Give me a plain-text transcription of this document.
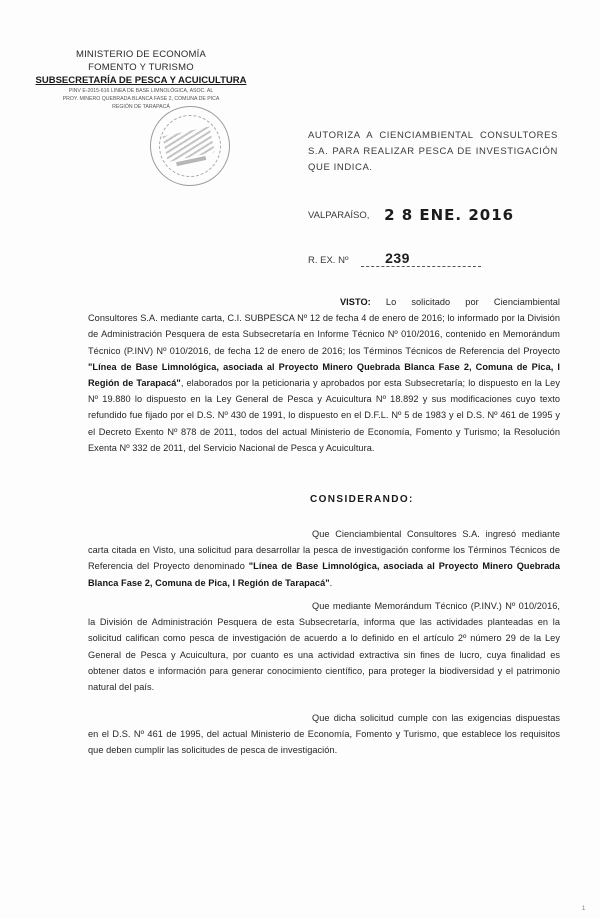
MINISTERIO DE ECONOMÍA
FOMENTO Y TURISMO
SUBSECRETARÍA DE PESCA Y ACUICULTURA
PINV E-2015-616 LINEA DE BASE LIMNOLÓGICA, ASOC. AL
PROY. MINERO QUEBRADA BLANCA FASE 2, COMUNA DE PICA
REGIÓN DE TARAPACÁ
AUTORIZA A CIENCIAMBIENTAL CONSULTORES S.A. PARA REALIZAR PESCA DE INVESTIGACIÓN QUE INDICA.
VALPARAÍSO, 2 8 ENE. 2016
R. EX. Nº	239
VISTO: Lo solicitado por Cienciambiental Consultores S.A. mediante carta, C.I. SUBPESCA Nº 12 de fecha 4 de enero de 2016; lo informado por la División de Administración Pesquera de esta Subsecretaría en Informe Técnico Nº 010/2016, contenido en Memorándum Técnico (P.INV) Nº 010/2016, de fecha 12 de enero de 2016; los Términos Técnicos de Referencia del Proyecto "Línea de Base Limnológica, asociada al Proyecto Minero Quebrada Blanca Fase 2, Comuna de Pica, I Región de Tarapacá", elaborados por la peticionaria y aprobados por esta Subsecretaría; lo dispuesto en la Ley Nº 19.880 lo dispuesto en la Ley General de Pesca y Acuicultura Nº 18.892 y sus modificaciones cuyo texto refundido fue fijado por el D.S. Nº 430 de 1991, lo dispuesto en el D.F.L. Nº 5 de 1983 y el D.S. Nº 461 de 1995 y el Decreto Exento Nº 878 de 2011, todos del actual Ministerio de Economía, Fomento y Turismo; la Resolución Exenta Nº 332 de 2011, del Servicio Nacional de Pesca y Acuicultura.
CONSIDERANDO:
Que Cienciambiental Consultores S.A. ingresó mediante carta citada en Visto, una solicitud para desarrollar la pesca de investigación conforme los Términos Técnicos de Referencia del Proyecto denominado "Línea de Base Limnológica, asociada al Proyecto Minero Quebrada Blanca Fase 2, Comuna de Pica, I Región de Tarapacá".
Que mediante Memorándum Técnico (P.INV.) Nº 010/2016, la División de Administración Pesquera de esta Subsecretaría, informa que las actividades planteadas en la solicitud califican como pesca de investigación de acuerdo a lo definido en el artículo 2º número 29 de la Ley General de Pesca y Acuicultura, por cuanto es una actividad extractiva sin fines de lucro, cuya finalidad es obtener datos e información para generar conocimiento científico, para proteger la biodiversidad y el patrimonio natural del país.
Que dicha solicitud cumple con las exigencias dispuestas en el D.S. Nº 461 de 1995, del actual Ministerio de Economía, Fomento y Turismo, que establece los requisitos que deben cumplir las solicitudes de pesca de investigación.
1
